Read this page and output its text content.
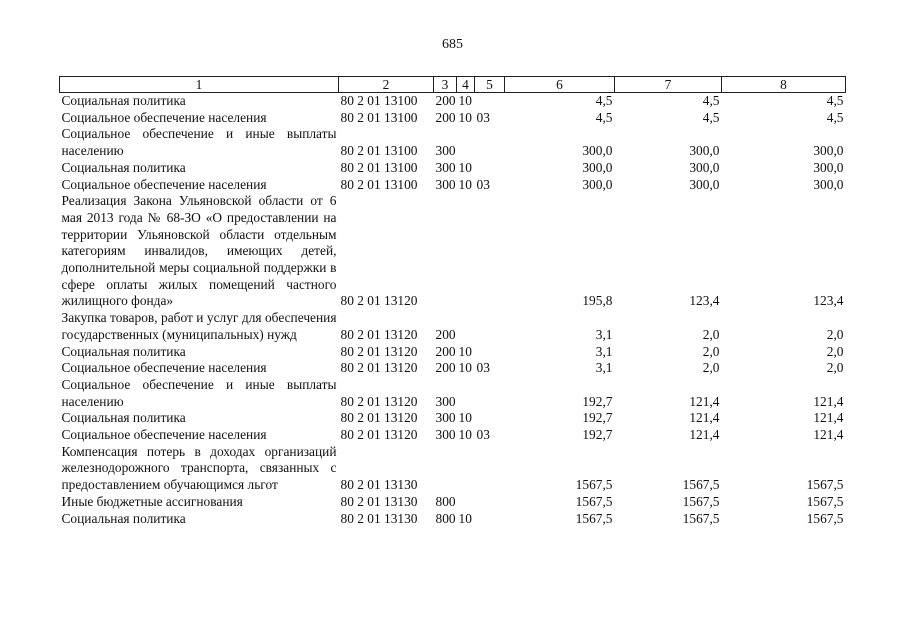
685
1	2	3	4	5	6	7	8
Социальная политика	80 2 01 13100	200	10		4,5	4,5	4,5
Социальное обеспечение населения	80 2 01 13100	200	10	03	4,5	4,5	4,5
Социальное обеспечение и иные выплаты населению	80 2 01 13100	300			300,0	300,0	300,0
Социальная политика	80 2 01 13100	300	10		300,0	300,0	300,0
Социальное обеспечение населения	80 2 01 13100	300	10	03	300,0	300,0	300,0
Реализация Закона Ульяновской области от 6 мая 2013 года № 68-ЗО «О предоставлении на территории Ульяновской области отдельным категориям инвалидов, имеющих детей, дополнительной меры социальной поддержки в сфере оплаты жилых помещений частного жилищного фонда»	80 2 01 13120				195,8	123,4	123,4
Закупка товаров, работ и услуг для обеспечения государственных (муниципальных) нужд	80 2 01 13120	200			3,1	2,0	2,0
Социальная политика	80 2 01 13120	200	10		3,1	2,0	2,0
Социальное обеспечение населения	80 2 01 13120	200	10	03	3,1	2,0	2,0
Социальное обеспечение и иные выплаты населению	80 2 01 13120	300			192,7	121,4	121,4
Социальная политика	80 2 01 13120	300	10		192,7	121,4	121,4
Социальное обеспечение населения	80 2 01 13120	300	10	03	192,7	121,4	121,4
Компенсация потерь в доходах организаций железнодорожного транспорта, связанных с предоставлением обучающимся льгот	80 2 01 13130				1567,5	1567,5	1567,5
Иные бюджетные ассигнования	80 2 01 13130	800			1567,5	1567,5	1567,5
Социальная политика	80 2 01 13130	800	10		1567,5	1567,5	1567,5
